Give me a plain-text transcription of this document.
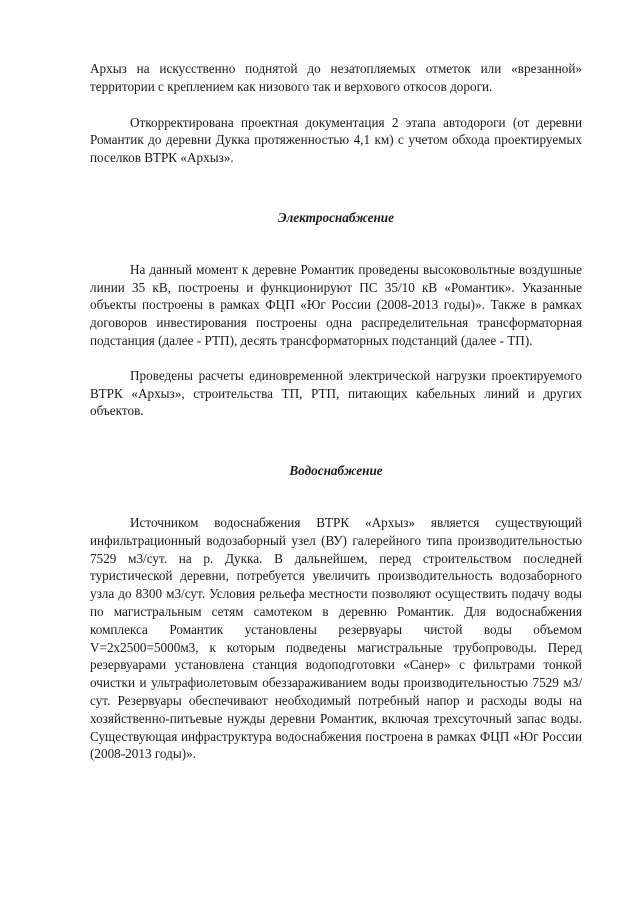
Архыз на искусственно поднятой до незатопляемых отметок или «врезанной» территории с креплением как низового так и верхового откосов дороги.

Откорректирована проектная документация 2 этапа автодороги (от деревни Романтик до деревни Дукка протяженностью 4,1 км) с учетом обхода проектируемых поселков ВТРК «Архыз».

Электроснабжение

На данный момент к деревне Романтик проведены высоковольтные воздушные линии 35 кВ, построены и функционируют ПС 35/10 кВ «Романтик». Указанные объекты построены в рамках ФЦП «Юг России (2008-2013 годы)». Также в рамках договоров инвестирования построены одна распределительная трансформаторная подстанция (далее - РТП), десять трансформаторных подстанций (далее - ТП).

Проведены расчеты единовременной электрической нагрузки проектируемого ВТРК «Архыз», строительства ТП, РТП, питающих кабельных линий и других объектов.

Водоснабжение

Источником водоснабжения ВТРК «Архыз» является существующий инфильтрационный водозаборный узел (ВУ) галерейного типа производительностью 7529 м3/сут. на р. Дукка. В дальнейшем, перед строительством последней туристической деревни, потребуется увеличить производительность водозаборного узла до 8300 м3/сут. Условия рельефа местности позволяют осуществить подачу воды по магистральным сетям самотеком в деревню Романтик. Для водоснабжения комплекса Романтик установлены резервуары чистой воды объемом V=2х2500=5000м3, к которым подведены магистральные трубопроводы. Перед резервуарами установлена станция водоподготовки «Санер» с фильтрами тонкой очистки и ультрафиолетовым обеззараживанием воды производительностью 7529 м3/сут. Резервуары обеспечивают необходимый потребный напор и расходы воды на хозяйственно-питьевые нужды деревни Романтик, включая трехсуточный запас воды. Существующая инфраструктура водоснабжения построена в рамках ФЦП «Юг России (2008-2013 годы)».
